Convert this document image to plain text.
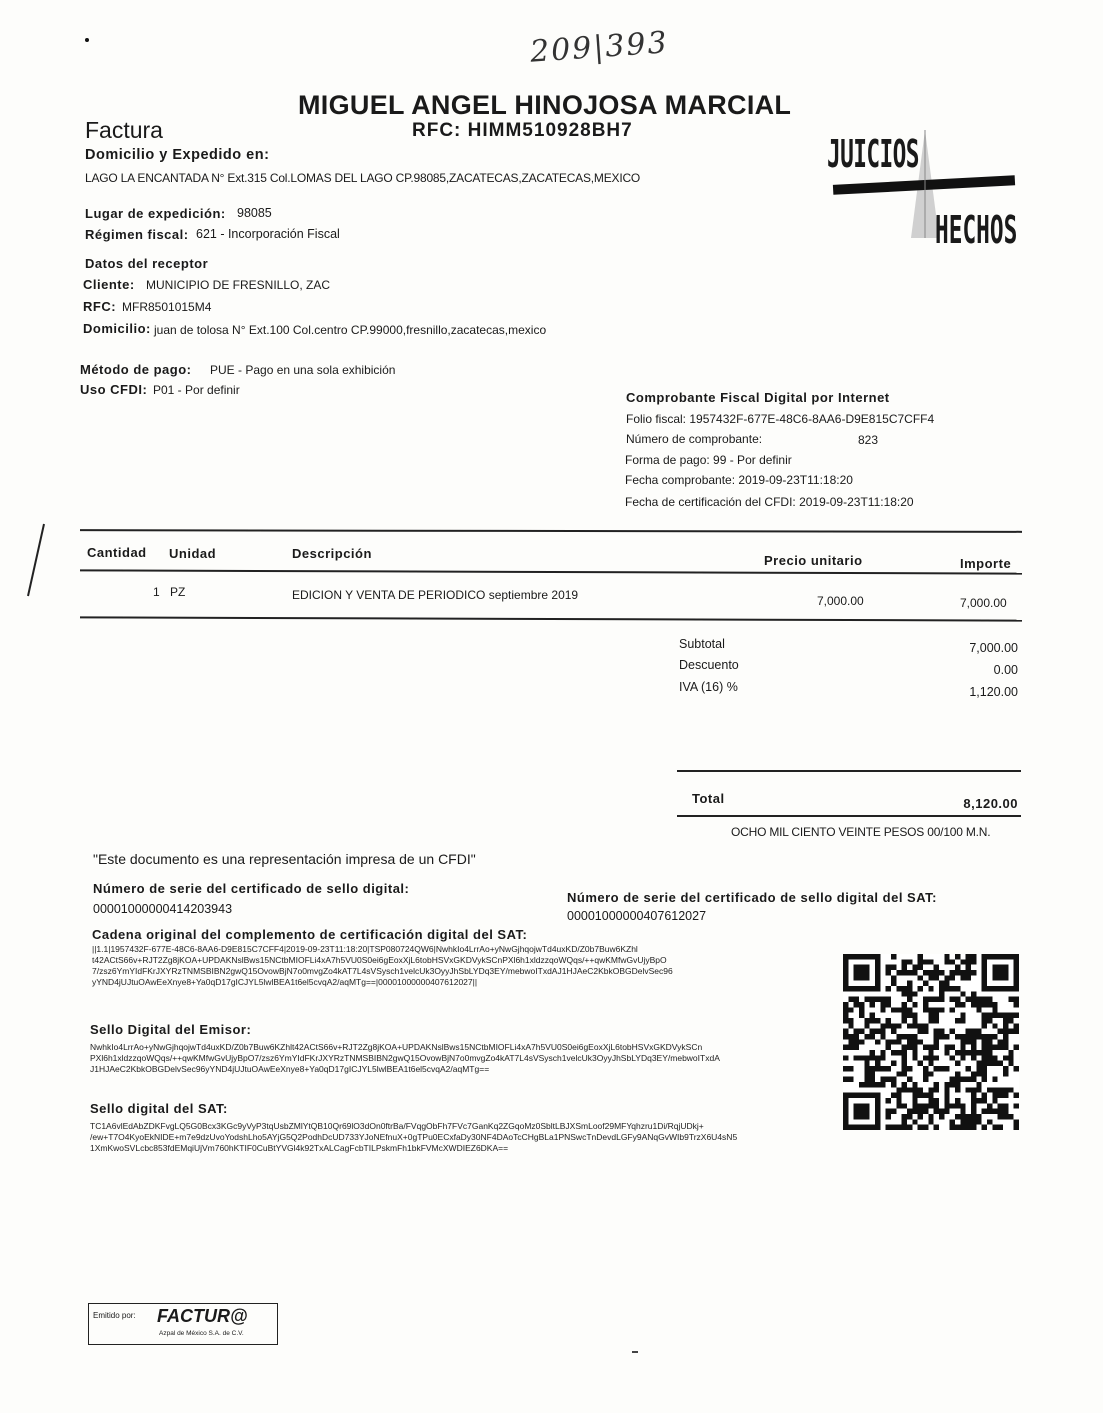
209|393
MIGUEL ANGEL HINOJOSA MARCIAL
Factura	RFC: HIMM510928BH7
JUICIOS
HECHOS
Domicilio y Expedido en:
LAGO LA ENCANTADA N° Ext.315 Col.LOMAS DEL LAGO CP.98085,ZACATECAS,ZACATECAS,MEXICO
Lugar de expedición: 98085
Régimen fiscal: 621 - Incorporación Fiscal
Datos del receptor
Cliente: MUNICIPIO DE FRESNILLO, ZAC
RFC: MFR8501015M4
Domicilio: juan de tolosa N° Ext.100 Col.centro CP.99000,fresnillo,zacatecas,mexico
Método de pago: PUE - Pago en una sola exhibición
Uso CFDI: P01 - Por definir	Comprobante Fiscal Digital por Internet
Folio fiscal: 1957432F-677E-48C6-8AA6-D9E815C7CFF4
Número de comprobante:	823
Forma de pago: 99 - Por definir
Fecha comprobante: 2019-09-23T11:18:20
Fecha de certificación del CFDI: 2019-09-23T11:18:20
Cantidad Unidad	Descripción	Precio unitario	Importe
1 PZ	EDICION Y VENTA DE PERIODICO septiembre 2019	7,000.00	7,000.00
Subtotal	7,000.00
Descuento	0.00
IVA (16) %	1,120.00
Total	8,120.00
OCHO MIL CIENTO VEINTE PESOS 00/100 M.N.
"Este documento es una representación impresa de un CFDI"
Número de serie del certificado de sello digital:
00001000000414203943
Número de serie del certificado de sello digital del SAT:
00001000000407612027
Cadena original del complemento de certificación digital del SAT:
||1.1|1957432F-677E-48C6-8AA6-D9E815C7CFF4|2019-09-23T11:18:20|TSP080724QW6|NwhkIo4LrrAo+yNwGjhqojwTd4uxKD/Z0b7Buw6KZhl
t42ACtS66v+RJT2Zg8jKOA+UPDAKNslBws15NCtbMIOFLi4xA7h5VU0S0ei6gEoxXjL6tobHSVxGKDVykSCnPXl6h1xldzzqoWQqs/++qwKMfwGvUjyBpO
7/zsz6YmYIdFKrJXYRzTNMSBIBN2gwQ15OvowBjN7o0mvgZo4kAT7L4sVSysch1velcUk3OyyJhSbLYDq3EY/mebwoITxdAJ1HJAeC2KbkOBGDelvSec96
yYND4jUJtuOAwEeXnye8+Ya0qD17gICJYL5lwlBEA1t6el5cvqA2/aqMTg==|00001000000407612027||
Sello Digital del Emisor:
NwhkIo4LrrAo+yNwGjhqojwTd4uxKD/Z0b7Buw6KZhlt42ACtS66v+RJT2Zg8jKOA+UPDAKNslBws15NCtbMIOFLi4xA7h5VU0S0ei6gEoxXjL6tobHSVxGKDVykSCn
PXl6h1xldzzqoWQqs/++qwKMfwGvUjyBpO7/zsz6YmYIdFKrJXYRzTNMSBIBN2gwQ15OvowBjN7o0mvgZo4kAT7L4sVSysch1velcUk3OyyJhSbLYDq3EY/mebwoITxdA
J1HJAeC2KbkOBGDelvSec96yYND4jUJtuOAwEeXnye8+Ya0qD17gICJYL5lwlBEA1t6el5cvqA2/aqMTg==
Sello digital del SAT:
TC1A6vlEdAbZDKFvgLQ5G0Bcx3KGc9yVyP3tqUsbZMlYtQB10Qr69lO3dOn0ftrBa/FVqgObFh7FVc7GanKq2ZGqoMz0SbltLBJXSmLoof29MFYqhzru1Di/RqjUDkj+
/ew+T7O4KyoEkNIDE+m7e9dzUvoYodshLho5AYjG5Q2PodhDcUD733YJoNEfnuX+0gTPu0ECxfaDy30NF4DAoTcCHgBLa1PNSwcTnDevdLGFy9ANqGvWIb9TrzX6U4sN5
1XmKwoSVLcbc853fdEMqiUjVm760hKTIF0CuBtYVGl4k92TxALCagFcbTILPskmFh1bkFVMcXWDIEZ6DKA==
Emitido por: FACTUR@
Azpal de México S.A. de C.V.
